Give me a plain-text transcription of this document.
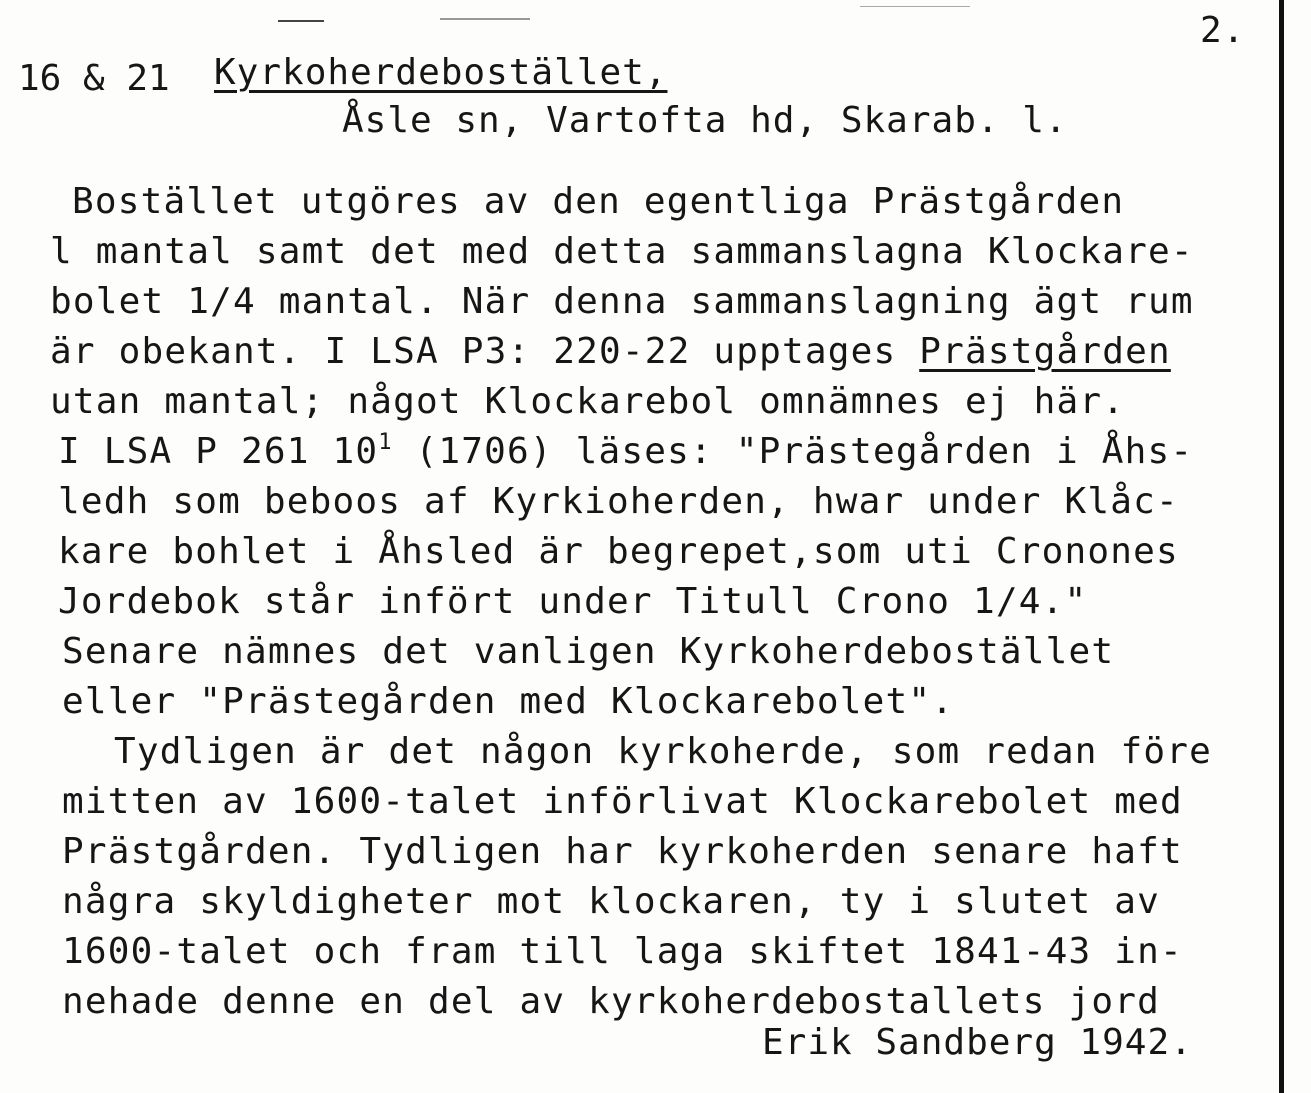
2.
16 & 21 Kyrkoherdebostället,
Åsle sn, Vartofta hd, Skarab. l.
Bostället utgöres av den egentliga Prästgården
l mantal samt det med detta sammanslagna Klockare-
bolet 1/4 mantal. När denna sammanslagning ägt rum
är obekant. I LSA P3: 220-22 upptages Prästgården
utan mantal; något Klockarebol omnämnes ej här.
I LSA P 261 $10^1$ (1706) läses: "Prästegården i Åhs-
ledh som beboos af Kyrkioherden, hwar under Klåc-
kare bohlet i Åhsled är begrepet,som uti Cronones
Jordebok står infört under Titull Crono 1/4."
Senare nämnes det vanligen Kyrkoherdebostället
eller "Prästegården med Klockarebolet".
Tydligen är det någon kyrkoherde, som redan före
mitten av 1600-talet införlivat Klockarebolet med
Prästgården. Tydligen har kyrkoherden senare haft
några skyldigheter mot klockaren, ty i slutet av
1600-talet och fram till laga skiftet 1841-43 in-
nehade denne en del av kyrkoherdebostallets jord
Erik Sandberg 1942.
